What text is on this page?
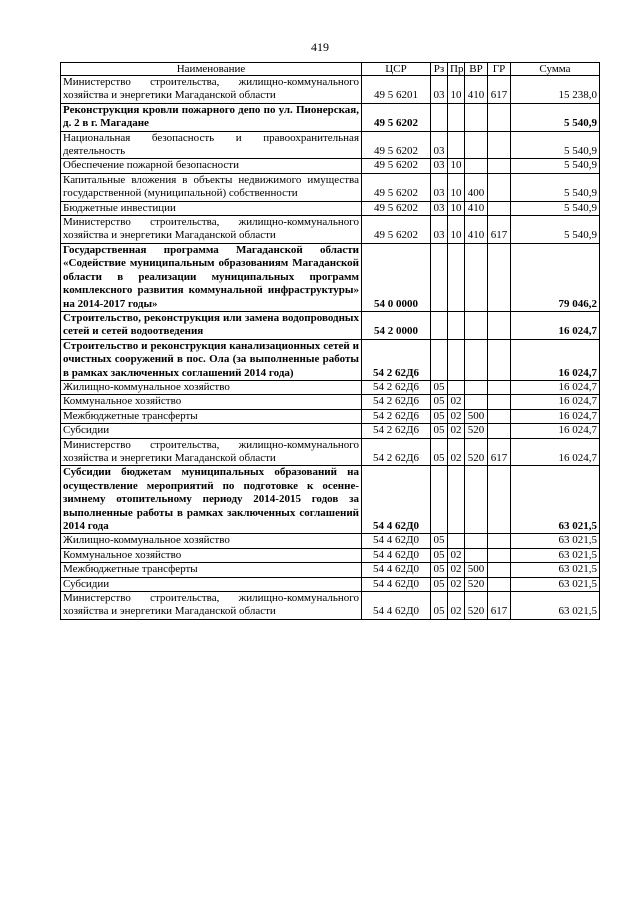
419
Наименование	ЦСР	Рз	Пр	ВР	ГР	Сумма
Министерство строительства, жилищно-коммунального хозяйства и энергетики Магаданской области	49 5 6201	03	10	410	617	15 238,0
Реконструкция кровли пожарного депо по ул. Пионерская, д. 2 в г. Магадане	49 5 6202					5 540,9
Национальная безопасность и правоохранительная деятельность	49 5 6202	03				5 540,9
Обеспечение пожарной безопасности	49 5 6202	03	10			5 540,9
Капитальные вложения в объекты недвижимого имущества государственной (муниципальной) собственности	49 5 6202	03	10	400		5 540,9
Бюджетные инвестиции	49 5 6202	03	10	410		5 540,9
Министерство строительства, жилищно-коммунального хозяйства и энергетики Магаданской области	49 5 6202	03	10	410	617	5 540,9
Государственная программа Магаданской области «Содействие муниципальным образованиям Магаданской области в реализации муниципальных программ комплексного развития коммунальной инфраструктуры» на 2014-2017 годы»	54 0 0000					79 046,2
Строительство, реконструкция или замена водопроводных сетей и сетей водоотведения	54 2 0000					16 024,7
Строительство и реконструкция канализационных сетей и очистных сооружений в пос. Ола (за выполненные работы в рамках заключенных соглашений 2014 года)	54 2 62Д6					16 024,7
Жилищно-коммунальное хозяйство	54 2 62Д6	05				16 024,7
Коммунальное хозяйство	54 2 62Д6	05	02			16 024,7
Межбюджетные трансферты	54 2 62Д6	05	02	500		16 024,7
Субсидии	54 2 62Д6	05	02	520		16 024,7
Министерство строительства, жилищно-коммунального хозяйства и энергетики Магаданской области	54 2 62Д6	05	02	520	617	16 024,7
Субсидии бюджетам муниципальных образований на осуществление мероприятий по подготовке к осенне-зимнему отопительному периоду 2014-2015 годов за выполненные работы в рамках заключенных соглашений 2014 года	54 4 62Д0					63 021,5
Жилищно-коммунальное хозяйство	54 4 62Д0	05				63 021,5
Коммунальное хозяйство	54 4 62Д0	05	02			63 021,5
Межбюджетные трансферты	54 4 62Д0	05	02	500		63 021,5
Субсидии	54 4 62Д0	05	02	520		63 021,5
Министерство строительства, жилищно-коммунального хозяйства и энергетики Магаданской области	54 4 62Д0	05	02	520	617	63 021,5
